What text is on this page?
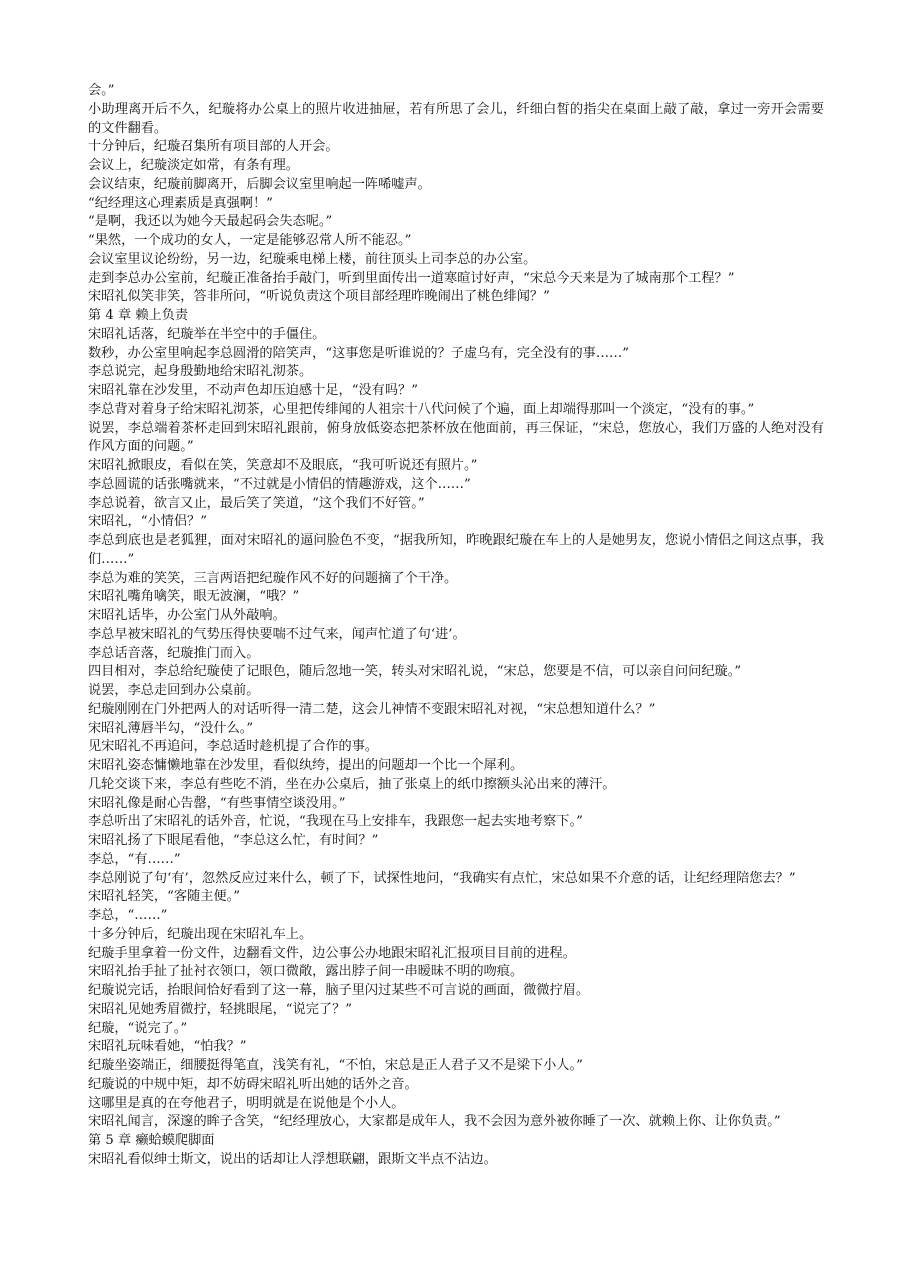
会。”

小助理离开后不久，纪璇将办公桌上的照片收进抽屉，若有所思了会儿，纤细白皙的指尖在桌面上敲了敲，拿过一旁开会需要的文件翻看。

十分钟后，纪璇召集所有项目部的人开会。

会议上，纪璇淡定如常，有条有理。

会议结束，纪璇前脚离开，后脚会议室里响起一阵唏嘘声。

“纪经理这心理素质是真强啊！”

“是啊，我还以为她今天最起码会失态呢。”

“果然，一个成功的女人，一定是能够忍常人所不能忍。”

会议室里议论纷纷，另一边，纪璇乘电梯上楼，前往顶头上司李总的办公室。

走到李总办公室前，纪璇正准备抬手敲门，听到里面传出一道寒暄讨好声，“宋总今天来是为了城南那个工程？”

宋昭礼似笑非笑，答非所问，“听说负责这个项目部经理昨晚闹出了桃色绯闻？”

第 4 章 赖上负责

宋昭礼话落，纪璇举在半空中的手僵住。

数秒，办公室里响起李总圆滑的陪笑声，“这事您是听谁说的？子虚乌有，完全没有的事……”

李总说完，起身殷勤地给宋昭礼沏茶。

宋昭礼靠在沙发里，不动声色却压迫感十足，“没有吗？”

李总背对着身子给宋昭礼沏茶，心里把传绯闻的人祖宗十八代问候了个遍，面上却端得那叫一个淡定，“没有的事。”

说罢，李总端着茶杯走回到宋昭礼跟前，俯身放低姿态把茶杯放在他面前，再三保证，“宋总，您放心，我们万盛的人绝对没有作风方面的问题。”

宋昭礼掀眼皮，看似在笑，笑意却不及眼底，“我可听说还有照片。”

李总圆谎的话张嘴就来，“不过就是小情侣的情趣游戏，这个……”

李总说着，欲言又止，最后笑了笑道，“这个我们不好管。”

宋昭礼，“小情侣？”

李总到底也是老狐狸，面对宋昭礼的逼问脸色不变，“据我所知，昨晚跟纪璇在车上的人是她男友，您说小情侣之间这点事，我们……”

李总为难的笑笑，三言两语把纪璇作风不好的问题摘了个干净。

宋昭礼嘴角噙笑，眼无波澜，“哦？”

宋昭礼话毕，办公室门从外敲响。

李总早被宋昭礼的气势压得快要喘不过气来，闻声忙道了句‘进’。

李总话音落，纪璇推门而入。

四目相对，李总给纪璇使了记眼色，随后忽地一笑，转头对宋昭礼说，“宋总，您要是不信，可以亲自问问纪璇。”

说罢，李总走回到办公桌前。

纪璇刚刚在门外把两人的对话听得一清二楚，这会儿神情不变跟宋昭礼对视，“宋总想知道什么？”

宋昭礼薄唇半勾，“没什么。”

见宋昭礼不再追问，李总适时趁机提了合作的事。

宋昭礼姿态慵懒地靠在沙发里，看似纨绔，提出的问题却一个比一个犀利。

几轮交谈下来，李总有些吃不消，坐在办公桌后，抽了张桌上的纸巾擦额头沁出来的薄汗。

宋昭礼像是耐心告罄，“有些事情空谈没用。”

李总听出了宋昭礼的话外音，忙说，“我现在马上安排车，我跟您一起去实地考察下。”

宋昭礼扬了下眼尾看他，“李总这么忙，有时间？”

李总，“有……”

李总刚说了句‘有’，忽然反应过来什么，顿了下，试探性地问，“我确实有点忙，宋总如果不介意的话，让纪经理陪您去？”

宋昭礼轻笑，“客随主便。”

李总，“……”

十多分钟后，纪璇出现在宋昭礼车上。

纪璇手里拿着一份文件，边翻看文件，边公事公办地跟宋昭礼汇报项目目前的进程。

宋昭礼抬手扯了扯衬衣领口，领口微敞，露出脖子间一串暧昧不明的吻痕。

纪璇说完话，抬眼间恰好看到了这一幕，脑子里闪过某些不可言说的画面，微微拧眉。

宋昭礼见她秀眉微拧，轻挑眼尾，“说完了？”

纪璇，“说完了。”

宋昭礼玩味看她，“怕我？”

纪璇坐姿端正，细腰挺得笔直，浅笑有礼，“不怕，宋总是正人君子又不是梁下小人。”

纪璇说的中规中矩，却不妨碍宋昭礼听出她的话外之音。

这哪里是真的在夸他君子，明明就是在说他是个小人。

宋昭礼闻言，深邃的眸子含笑，“纪经理放心，大家都是成年人，我不会因为意外被你睡了一次、就赖上你、让你负责。”

第 5 章 癞蛤蟆爬脚面

宋昭礼看似绅士斯文，说出的话却让人浮想联翩，跟斯文半点不沾边。
